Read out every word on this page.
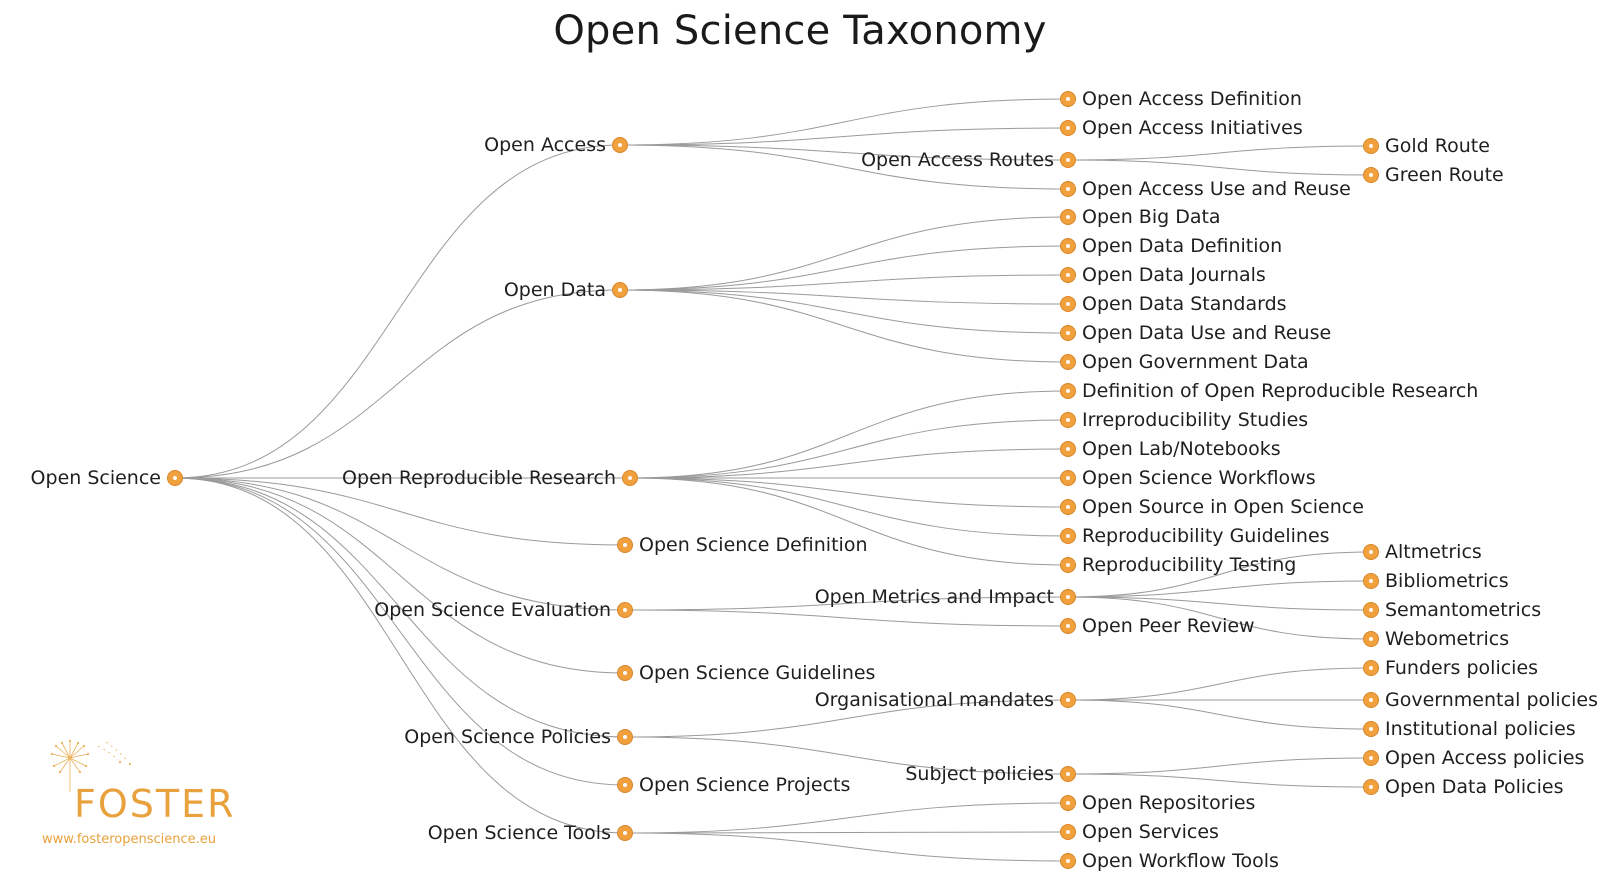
Open Science Taxonomy
Open Science
Open Access
Open Access Definition
Open Access Initiatives
Open Access Routes
Gold Route
Green Route
Open Access Use and Reuse
Open Data
Open Big Data
Open Data Definition
Open Data Journals
Open Data Standards
Open Data Use and Reuse
Open Government Data
Open Reproducible Research
Definition of Open Reproducible Research
Irreproducibility Studies
Open Lab/Notebooks
Open Science Workflows
Open Source in Open Science
Reproducibility Guidelines
Reproducibility Testing
Open Science Definition
Open Science Evaluation
Open Metrics and Impact
Altmetrics
Bibliometrics
Semantometrics
Webometrics
Open Peer Review
Open Science Guidelines
Open Science Policies
Organisational mandates
Funders policies
Governmental policies
Institutional policies
Subject policies
Open Access policies
Open Data Policies
Open Science Projects
Open Science Tools
Open Repositories
Open Services
Open Workflow Tools
FOSTER
www.fosteropenscience.eu
